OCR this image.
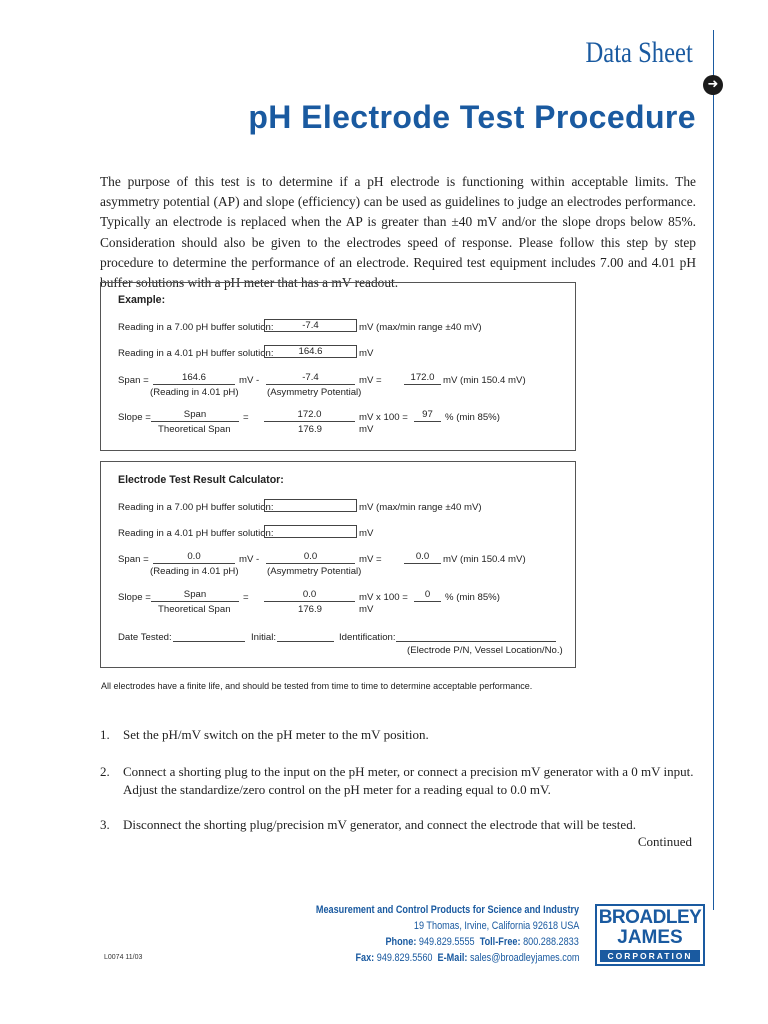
➜
Data Sheet
pH Electrode Test Procedure
The purpose of this test is to determine if a pH electrode is functioning within acceptable limits. The asymmetry potential (AP) and slope (efficiency) can be used as guidelines to judge an electrodes performance. Typically an electrode is replaced when the AP is greater than ±40 mV and/or the slope drops below 85%. Consideration should also be given to the electrodes speed of response. Please follow this step by step procedure to determine the performance of an electrode. Required test equipment includes 7.00 and 4.01 pH buffer solutions with a pH meter that has a mV readout.
Example:
Reading in a 7.00 pH buffer solution:	-7.4	mV (max/min range ±40 mV)
Reading in a 4.01 pH buffer solution:	164.6	mV
Span =	164.6	mV -	-7.4	mV =	172.0 mV (min 150.4 mV)
(Reading in 4.01 pH)	(Asymmetry Potential)
Slope =	Span	=	172.0	mV x 100 =	97	% (min 85%)
Theoretical Span	176.9	mV
Electrode Test Result Calculator:
Reading in a 7.00 pH buffer solution:	mV (max/min range ±40 mV)
Reading in a 4.01 pH buffer solution:	mV
Span =	0.0	mV -	0.0	mV =	0.0	mV (min 150.4 mV)
(Reading in 4.01 pH)	(Asymmetry Potential)
Slope =	Span	=	0.0	mV x 100 =	0	% (min 85%)
Theoretical Span	176.9	mV
Date Tested:	Initial:	Identification:
(Electrode P/N, Vessel Location/No.)
All electrodes have a finite life, and should be tested from time to time to determine acceptable performance.
1. Set the pH/mV switch on the pH meter to the mV position.
2. Connect a shorting plug to the input on the pH meter, or connect a precision mV generator with a 0 mV input. Adjust the standardize/zero control on the pH meter for a reading equal to 0.0 mV.
3. Disconnect the shorting plug/precision mV generator, and connect the electrode that will be tested.
Continued
Measurement and Control Products for Science and Industry
19 Thomas, Irvine, California 92618 USA
Phone: 949.829.5555 Toll-Free: 800.288.2833
Fax: 949.829.5560 E-Mail: sales@broadleyjames.com
L0074 11/03
BROADLEY
JAMES
CORPORATION
